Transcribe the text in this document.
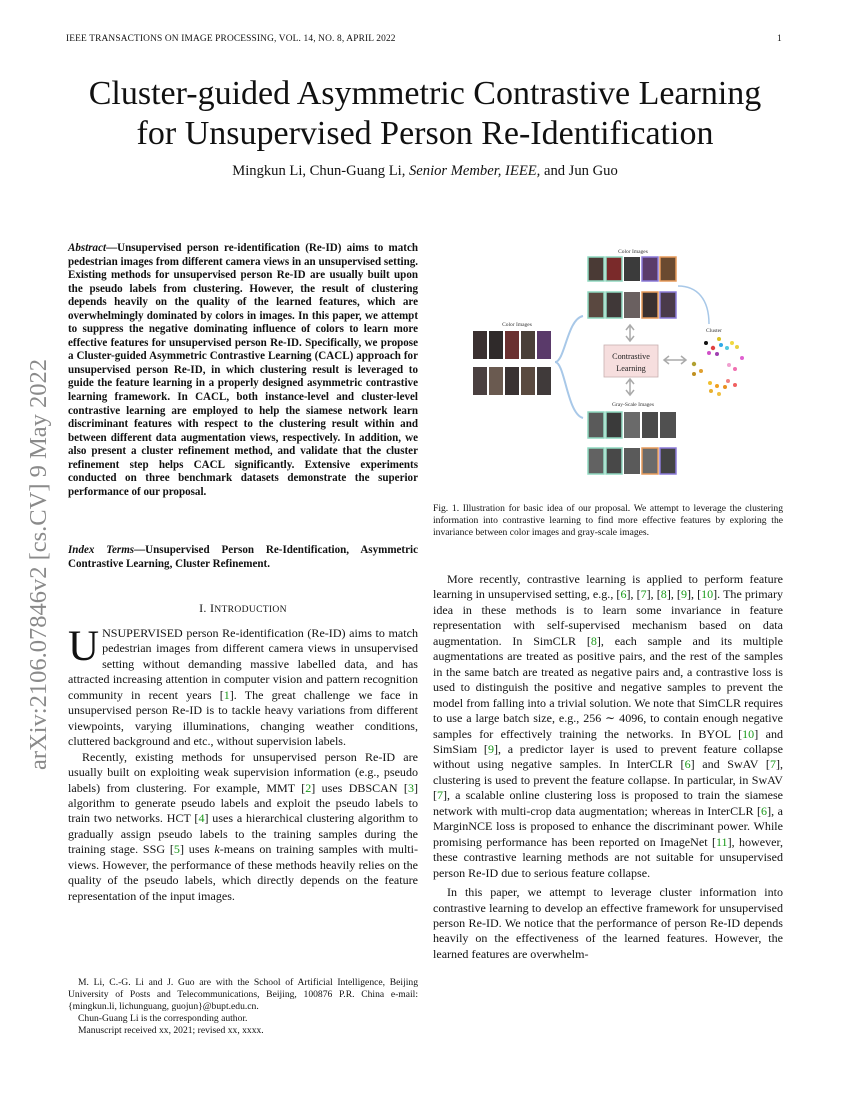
IEEE TRANSACTIONS ON IMAGE PROCESSING, VOL. 14, NO. 8, APRIL 2022	1
Cluster-guided Asymmetric Contrastive Learning
for Unsupervised Person Re-Identification
Mingkun Li, Chun-Guang Li, Senior Member, IEEE, and Jun Guo
arXiv:2106.07846v2 [cs.CV] 9 May 2022
Abstract—Unsupervised person re-identification (Re-ID) aims to match pedestrian images from different camera views in an unsupervised setting. Existing methods for unsupervised person Re-ID are usually built upon the pseudo labels from clustering. However, the result of clustering depends heavily on the quality of the learned features, which are overwhelmingly dominated by colors in images. In this paper, we attempt to suppress the negative dominating influence of colors to learn more effective features for unsupervised person Re-ID. Specifically, we propose a Cluster-guided Asymmetric Contrastive Learning (CACL) approach for unsupervised person Re-ID, in which clustering result is leveraged to guide the feature learning in a properly designed asymmetric contrastive learning framework. In CACL, both instance-level and cluster-level contrastive learning are employed to help the siamese network learn discriminant features with respect to the clustering result within and between different data augmentation views, respectively. In addition, we also present a cluster refinement method, and validate that the cluster refinement step helps CACL significantly. Extensive experiments conducted on three benchmark datasets demonstrate the superior performance of our proposal.
Index Terms—Unsupervised Person Re-Identification, Asymmetric Contrastive Learning, Cluster Refinement.
I. INTRODUCTION

UNSUPERVISED person Re-identification (Re-ID) aims to match pedestrian images from different camera views in unsupervised setting without demanding massive labelled data, and has attracted increasing attention in computer vision and pattern recognition community in recent years [1]. The great challenge we face in unsupervised person Re-ID is to tackle heavy variations from different viewpoints, varying illuminations, changing weather conditions, cluttered background and etc., without supervision labels.

Recently, existing methods for unsupervised person Re-ID are usually built on exploiting weak supervision information (e.g., pseudo labels) from clustering. For example, MMT [2] uses DBSCAN [3] algorithm to generate pseudo labels and exploit the pseudo labels to train two networks. HCT [4] uses a hierarchical clustering algorithm to gradually assign pseudo labels to the training samples during the training stage. SSG [5] uses k-means on training samples with multi-views. However, the performance of these methods heavily relies on the quality of the pseudo labels, which directly depends on the feature representation of the input images.

M. Li, C.-G. Li and J. Guo are with the School of Artificial Intelligence, Beijing University of Posts and Telecommunications, Beijing, 100876 P.R. China e-mail: {mingkun.li, lichunguang, guojun}@bupt.edu.cn.

Chun-Guang Li is the corresponding author.

Manuscript received xx, 2021; revised xx, xxxx.

Color Images
Color Images
Contrastive
Learning
Cluster
Gray-Scale Images
Fig. 1. Illustration for basic idea of our proposal. We attempt to leverage the clustering information into contrastive learning to find more effective features by exploring the invariance between color images and gray-scale images.

More recently, contrastive learning is applied to perform feature learning in unsupervised setting, e.g., [6], [7], [8], [9], [10]. The primary idea in these methods is to learn some invariance in feature representation with self-supervised mechanism based on data augmentation. In SimCLR [8], each sample and its multiple augmentations are treated as positive pairs, and the rest of the samples in the same batch are treated as negative pairs and, a contrastive loss is used to distinguish the positive and negative samples to prevent the model from falling into a trivial solution. We note that SimCLR requires to use a large batch size, e.g., 256 ∼ 4096, to contain enough negative samples for effectively training the networks. In BYOL [10] and SimSiam [9], a predictor layer is used to prevent feature collapse without using negative samples. In InterCLR [6] and SwAV [7], clustering is used to prevent the feature collapse. In particular, in SwAV [7], a scalable online clustering loss is proposed to train the siamese network with multi-crop data augmentation; whereas in InterCLR [6], a MarginNCE loss is proposed to enhance the discriminant power. While promising performance has been reported on ImageNet [11], however, these contrastive learning methods are not suitable for unsupervised person Re-ID due to serious feature collapse.

In this paper, we attempt to leverage cluster information into contrastive learning to develop an effective framework for unsupervised person Re-ID. We notice that the performance of person Re-ID depends heavily on the effectiveness of the learned features. However, the learned features are overwhelm-
